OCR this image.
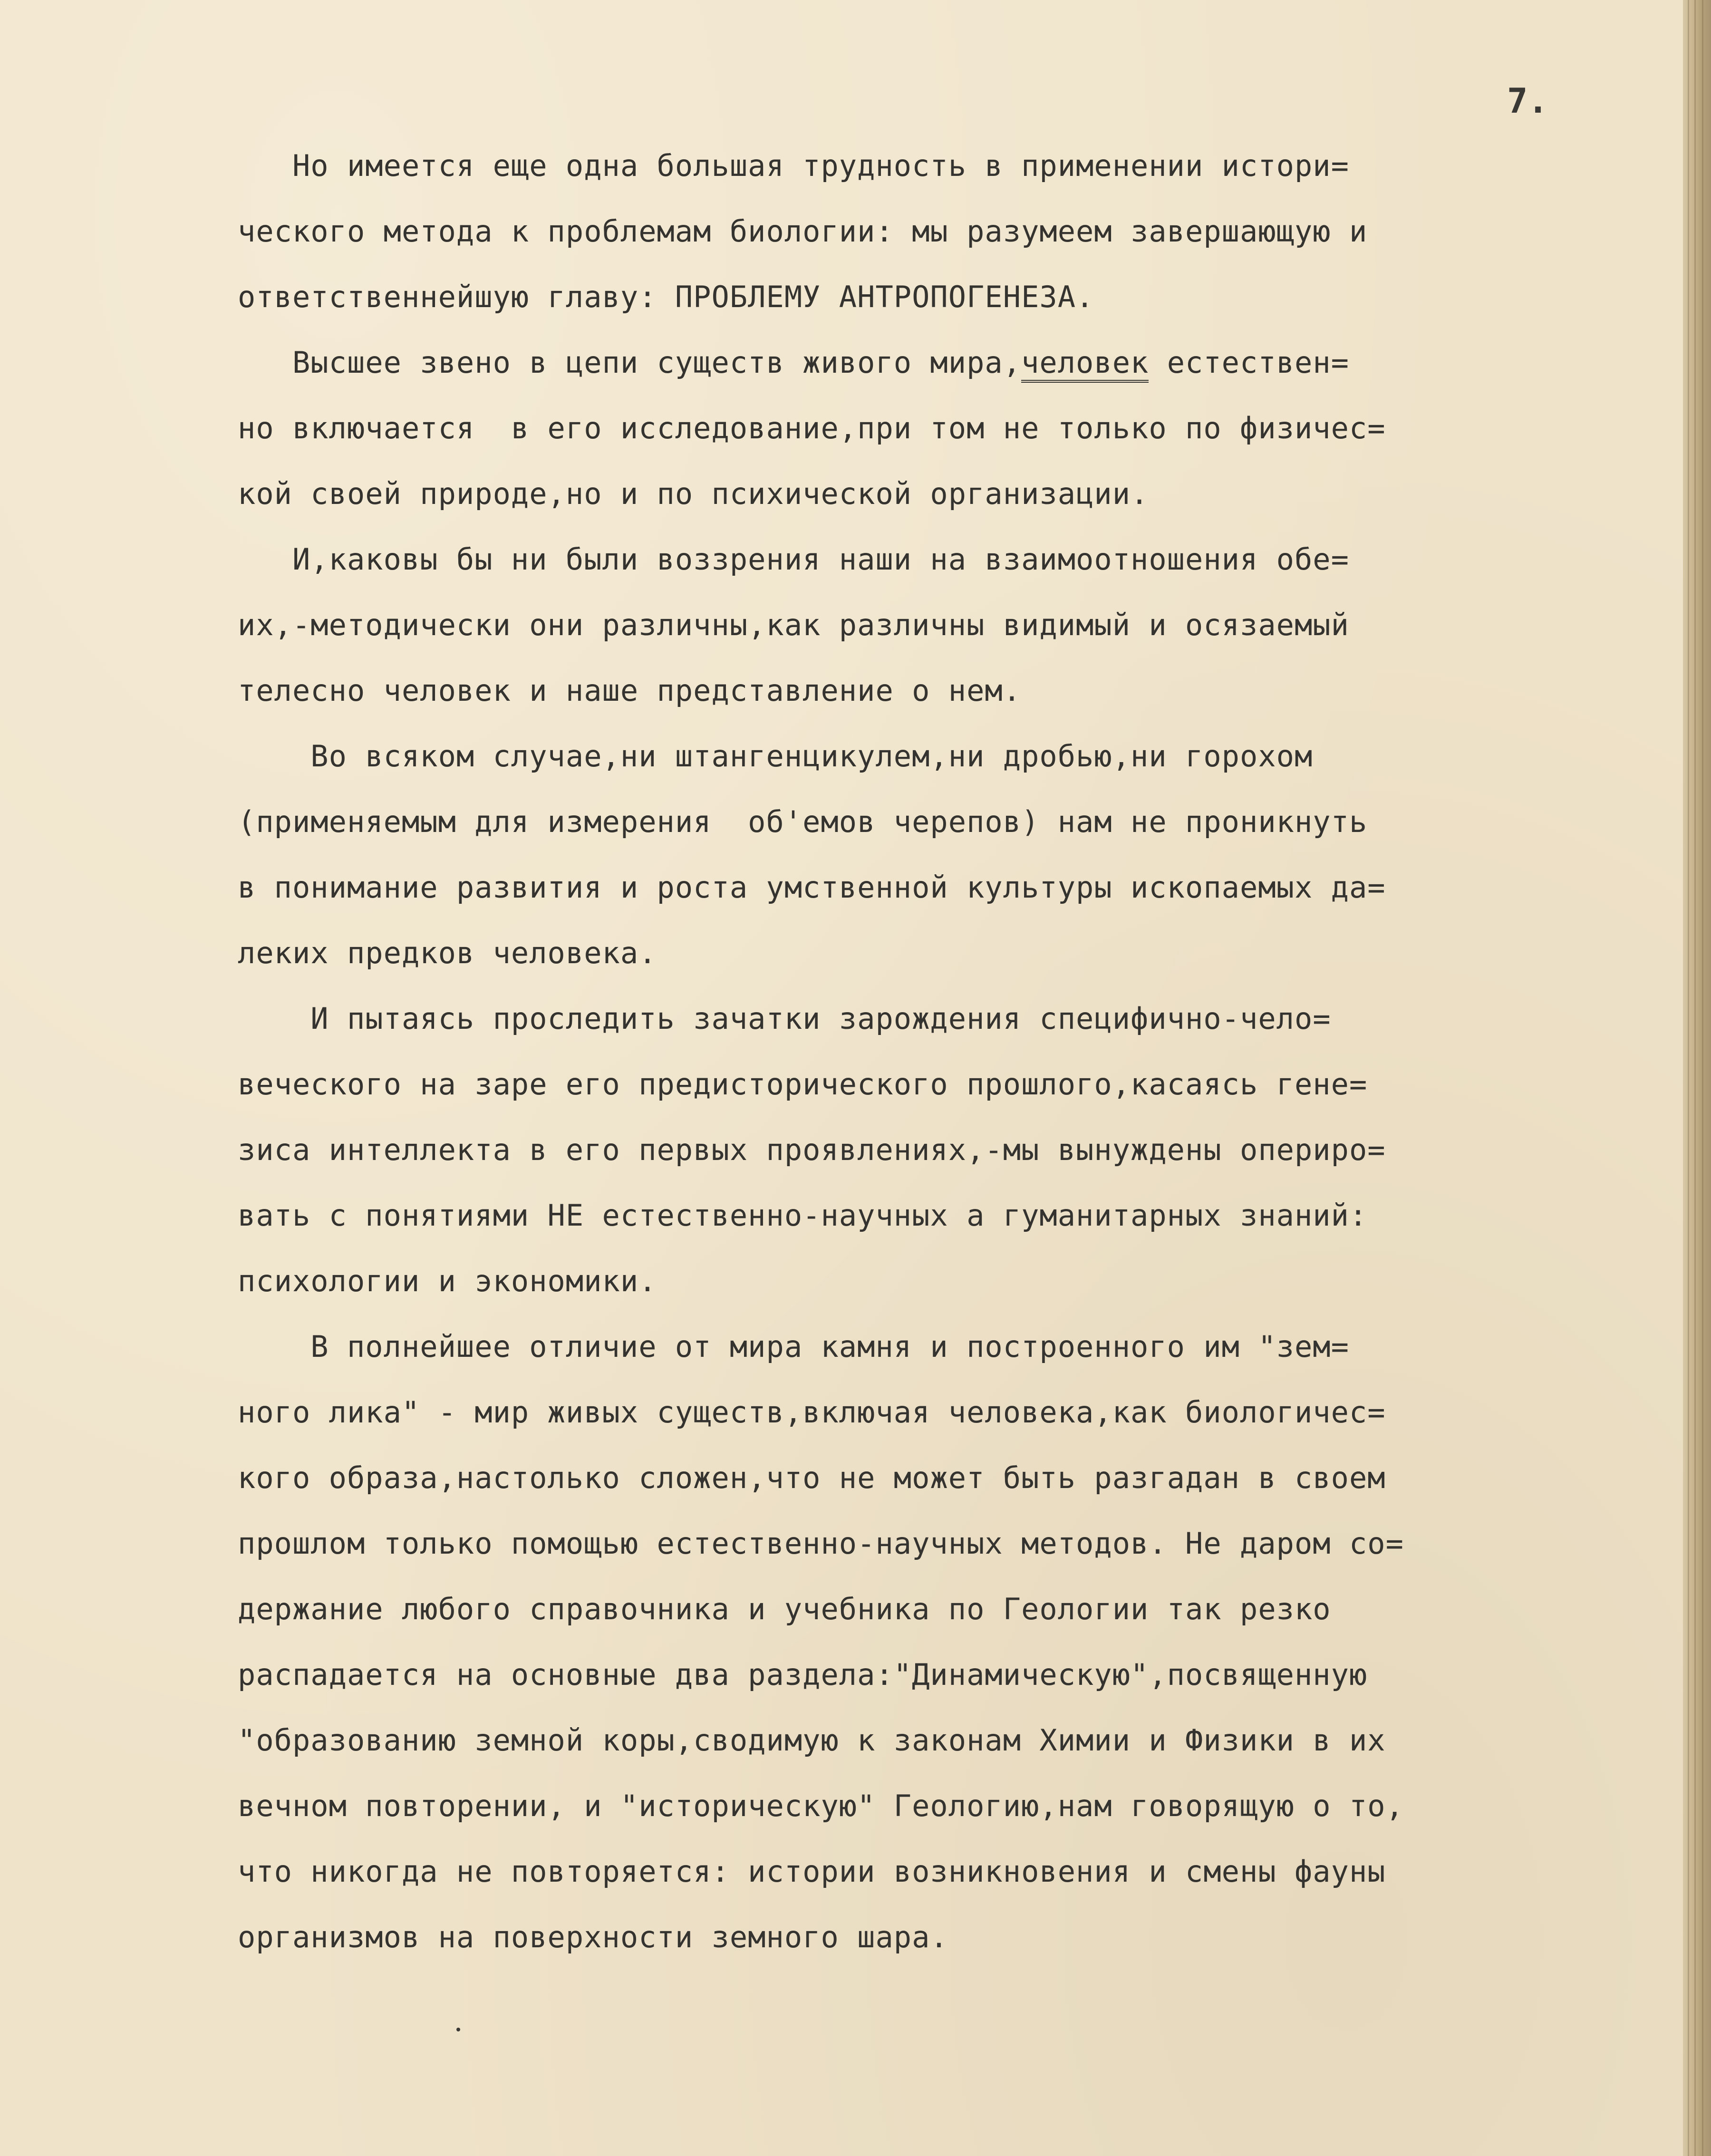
7.
Но имеется еще одна большая трудность в применении истори=
ческого метода к проблемам биологии: мы разумеем завершающую и
ответственнейшую главу: ПРОБЛЕМУ АНТРОПОГЕНЕЗА.
Высшее звено в цепи существ живого мира,человек естествен=
но включается  в его исследование,при том не только по физичес=
кой своей природе,но и по психической организации.
И,каковы бы ни были воззрения наши на взаимоотношения обе=
их,-методически они различны,как различны видимый и осязаемый
телесно человек и наше представление о нем.
Во всяком случае,ни штангенцикулем,ни дробью,ни горохом
(применяемым для измерения  об'емов черепов) нам не проникнуть
в понимание развития и роста умственной культуры ископаемых да=
леких предков человека.
И пытаясь проследить зачатки зарождения специфично-чело=
веческого на заре его предисторического прошлого,касаясь гене=
зиса интеллекта в его первых проявлениях,-мы вынуждены оперирo=
вать с понятиями НЕ естественно-научных а гуманитарных знаний:
психологии и экономики.
В полнейшее отличие от мира камня и построенного им "зем=
ного лика" - мир живых существ,включая человека,как биологичес=
кого образа,настолько сложен,что не может быть разгадан в своем
прошлом только помощью естественно-научных методов. Не даром со=
держание любого справочника и учебника по Геологии так резко
распадается на основные два раздела:"Динамическую",посвященную
"образованию земной коры,сводимую к законам Химии и Физики в их
вечном повторении, и "историческую" Геологию,нам говорящую о то,
что никогда не повторяется: истории возникновения и смены фауны
организмов на поверхности земного шара.
